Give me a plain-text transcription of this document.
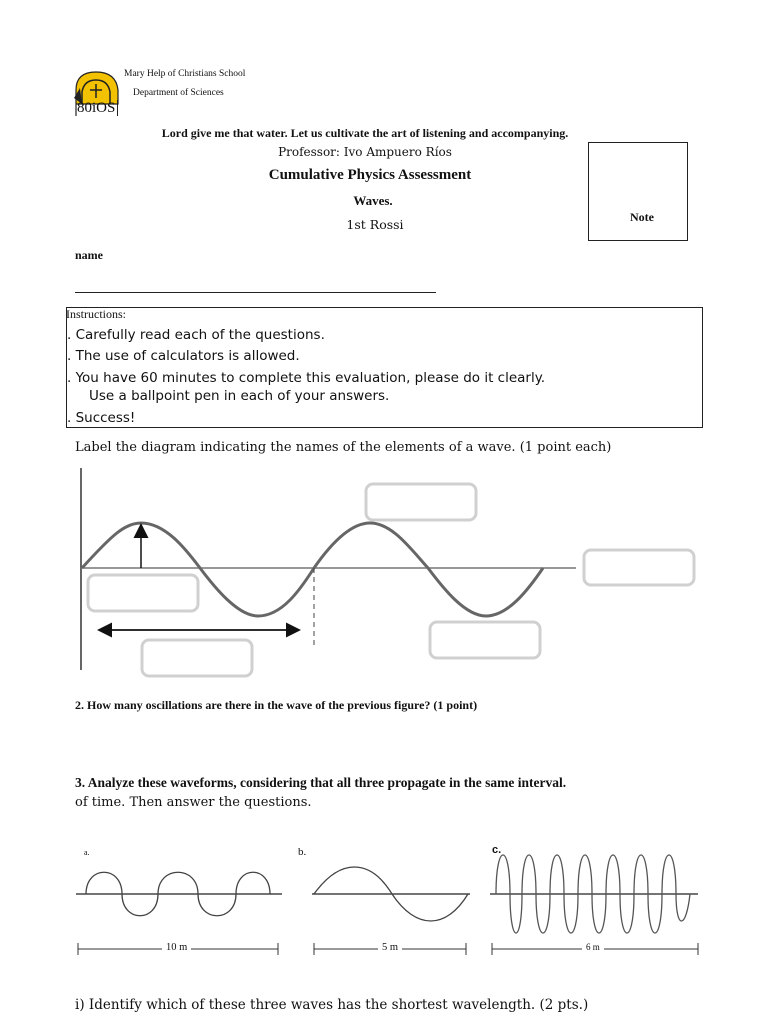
80iOS
Mary Help of Christians School
Department of Sciences
Lord give me that water. Let us cultivate the art of listening and accompanying.
Professor: Ivo Ampuero Ríos
Cumulative Physics Assessment
Waves.
1st Rossi	Note
name
Instructions:
. Carefully read each of the questions.
. The use of calculators is allowed.
. You have 60 minutes to complete this evaluation, please do it clearly.
Use a ballpoint pen in each of your answers.
. Success!
Label the diagram indicating the names of the elements of a wave. (1 point each)
2. How many oscillations are there in the wave of the previous figure? (1 point)
3. Analyze these waveforms, considering that all three propagate in the same interval.
of time. Then answer the questions.
a.	b.	c.
10 m	5 m	6 m
i) Identify which of these three waves has the shortest wavelength. (2 pts.)
